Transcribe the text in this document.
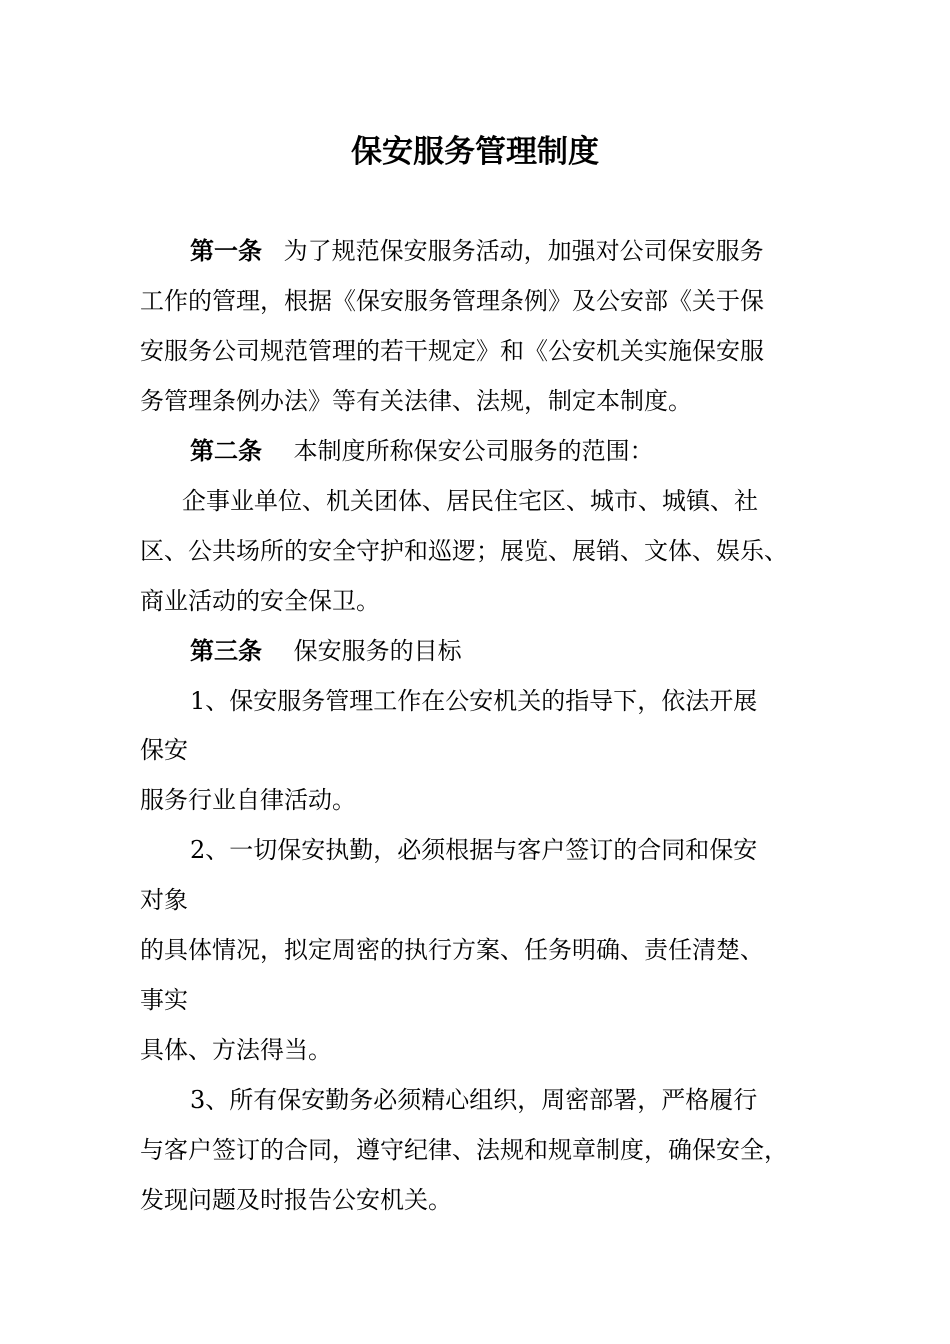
保安服务管理制度
第一条 为了规范保安服务活动，加强对公司保安服务
工作的管理，根据《保安服务管理条例》及公安部《关于保
安服务公司规范管理的若干规定》和《公安机关实施保安服
务管理条例办法》等有关法律、法规，制定本制度。
第二条 本制度所称保安公司服务的范围：
企事业单位、机关团体、居民住宅区、城市、城镇、社
区、公共场所的安全守护和巡逻；展览、展销、文体、娱乐、
商业活动的安全保卫。
第三条 保安服务的目标
1、保安服务管理工作在公安机关的指导下，依法开展
保安
服务行业自律活动。
2、一切保安执勤，必须根据与客户签订的合同和保安
对象
的具体情况，拟定周密的执行方案、任务明确、责任清楚、
事实
具体、方法得当。
3、所有保安勤务必须精心组织，周密部署，严格履行
与客户签订的合同，遵守纪律、法规和规章制度，确保安全，
发现问题及时报告公安机关。
